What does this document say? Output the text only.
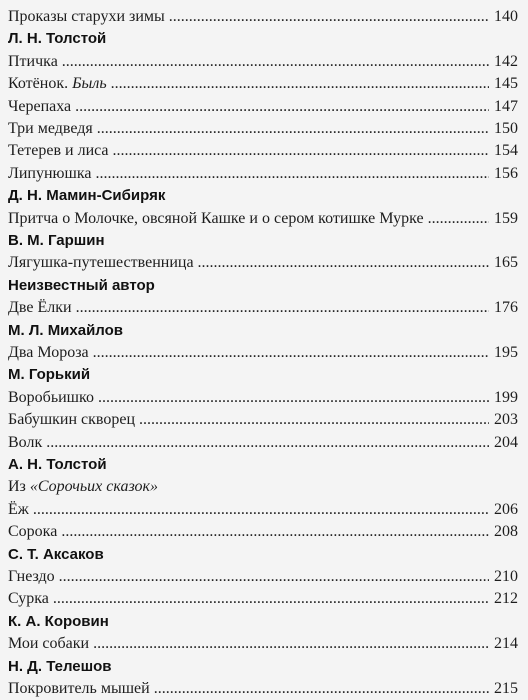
Проказы старухи зимы . . .	140
Л. Н. Толстой
Птичка . . .	142
Котёнок. Быль . . .	145
Черепаха . . .	147
Три медведя . . .	150
Тетерев и лиса . . .	154
Липунюшка . . .	156
Д. Н. Мамин-Сибиряк
Притча о Молочке, овсяной Кашке и о сером котишке Мурке . . .	159
В. М. Гаршин
Лягушка-путешественница . . .	165
Неизвестный автор
Две Ёлки . . .	176
М. Л. Михайлов
Два Мороза . . .	195
М. Горький
Воробьишко . . .	199
Бабушкин скворец . . .	203
Волк . . .	204
А. Н. Толстой
Из «Сорочьих сказок»
Ёж . . .	206
Сорока . . .	208
С. Т. Аксаков
Гнездо . . .	210
Сурка . . .	212
К. А. Коровин
Мои собаки . . .	214
Н. Д. Телешов
Покровитель мышей . . .	215
